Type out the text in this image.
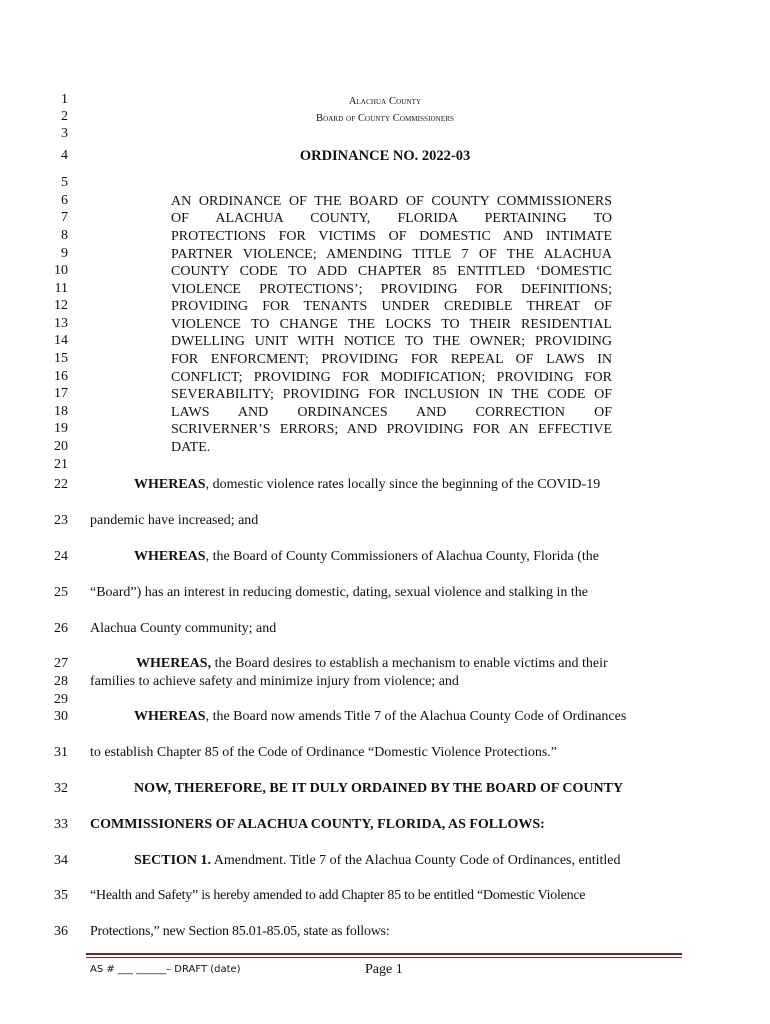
1
2
3
4
5
6
7
8
9
10
11
12
13
14
15
16
17
18
19
20
21
22
23
24
25
26
27
28
29
30
31
32
33
34
35
36
Alachua County
Board of County Commissioners
ORDINANCE NO. 2022-03
AN ORDINANCE OF THE BOARD OF COUNTY COMMISSIONERS
OF ALACHUA COUNTY, FLORIDA PERTAINING TO
PROTECTIONS FOR VICTIMS OF DOMESTIC AND INTIMATE
PARTNER VIOLENCE; AMENDING TITLE 7 OF THE ALACHUA
COUNTY CODE TO ADD CHAPTER 85 ENTITLED ‘DOMESTIC
VIOLENCE PROTECTIONS’; PROVIDING FOR DEFINITIONS;
PROVIDING FOR TENANTS UNDER CREDIBLE THREAT OF
VIOLENCE TO CHANGE THE LOCKS TO THEIR RESIDENTIAL
DWELLING UNIT WITH NOTICE TO THE OWNER; PROVIDING
FOR ENFORCMENT; PROVIDING FOR REPEAL OF LAWS IN
CONFLICT; PROVIDING FOR MODIFICATION; PROVIDING FOR
SEVERABILITY; PROVIDING FOR INCLUSION IN THE CODE OF
LAWS AND ORDINANCES AND CORRECTION OF
SCRIVERNER’S ERRORS; AND PROVIDING FOR AN EFFECTIVE
DATE.
WHEREAS, domestic violence rates locally since the beginning of the COVID-19
pandemic have increased; and
WHEREAS, the Board of County Commissioners of Alachua County, Florida (the
“Board”) has an interest in reducing domestic, dating, sexual violence and stalking in the
Alachua County community; and
WHEREAS, the Board desires to establish a mechanism to enable victims and their
families to achieve safety and minimize injury from violence; and
WHEREAS, the Board now amends Title 7 of the Alachua County Code of Ordinances
to establish Chapter 85 of the Code of Ordinance “Domestic Violence Protections.”
NOW, THEREFORE, BE IT DULY ORDAINED BY THE BOARD OF COUNTY
COMMISSIONERS OF ALACHUA COUNTY, FLORIDA, AS FOLLOWS:
SECTION 1. Amendment. Title 7 of the Alachua County Code of Ordinances, entitled
“Health and Safety” is hereby amended to add Chapter 85 to be entitled “Domestic Violence
Protections,” new Section 85.01-85.05, state as follows:
AS # ___ ______– DRAFT (date)	Page 1
